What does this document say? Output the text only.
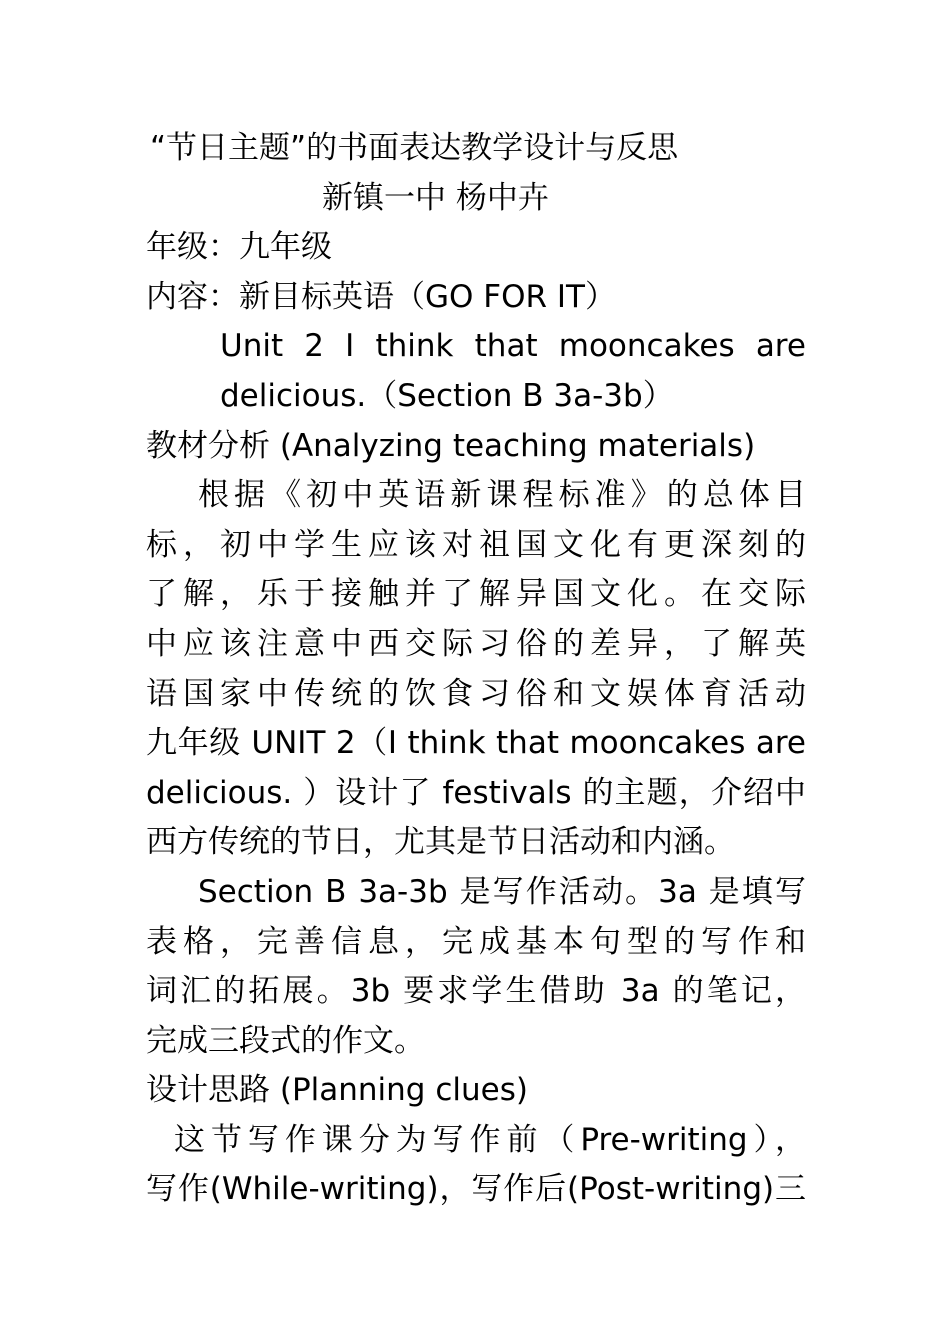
“节日主题”的书面表达教学设计与反思
新镇一中 杨中卉
年级：九年级
内容：新目标英语（GO FOR IT）
Unit 2 I think that mooncakes are
delicious.（Section B 3a-3b）
教材分析 (Analyzing teaching materials)
根据《初中英语新课程标准》的总体目
标，初中学生应该对祖国文化有更深刻的
了解，乐于接触并了解异国文化。在交际
中应该注意中西交际习俗的差异，了解英
语国家中传统的饮食习俗和文娱体育活动
九年级 UNIT 2（I think that mooncakes are
delicious. ）设计了 festivals 的主题，介绍中
西方传统的节日，尤其是节日活动和内涵。
Section B 3a-3b 是写作活动。3a 是填写
表格，完善信息，完成基本句型的写作和
词汇的拓展。3b 要求学生借助 3a 的笔记，
完成三段式的作文。
设计思路 (Planning clues)
这节写作课分为写作前（Pre-writing），
写作(While-writing)，写作后(Post-writing)三
